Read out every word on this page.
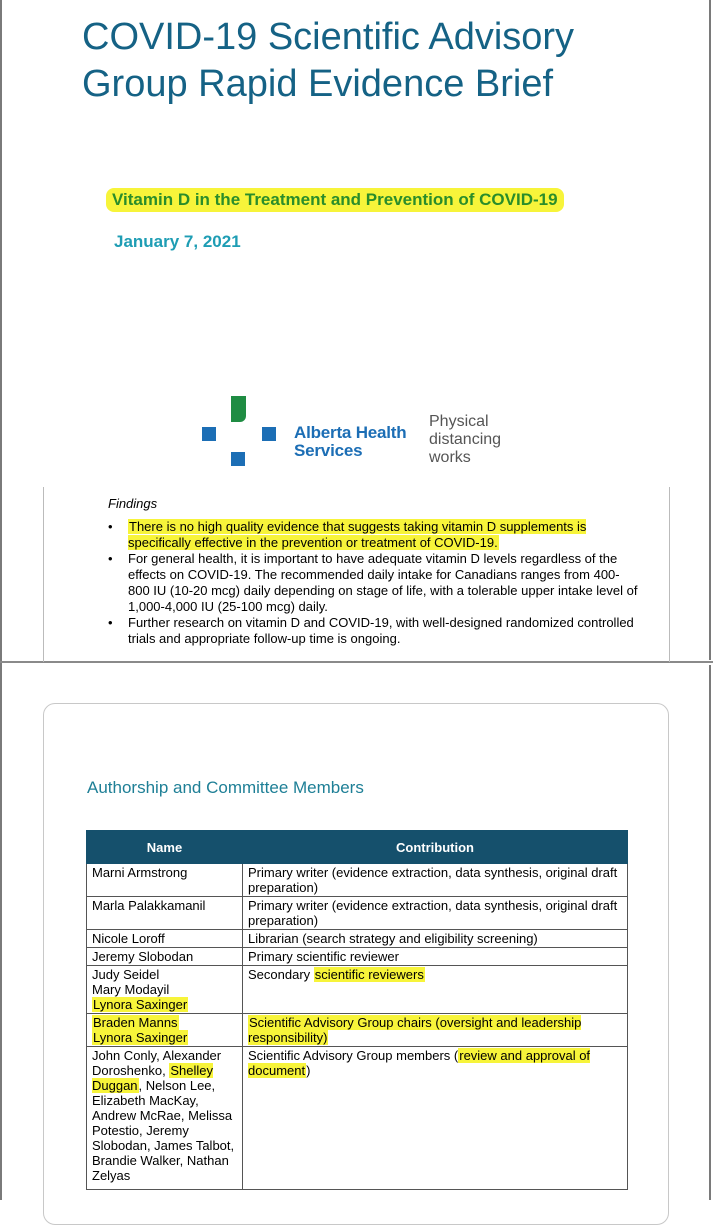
COVID-19 Scientific Advisory Group Rapid Evidence Brief
Vitamin D in the Treatment and Prevention of COVID-19
January 7, 2021
Alberta Health
Services
Physical
distancing
works
Findings
• There is no high quality evidence that suggests taking vitamin D supplements is specifically effective in the prevention or treatment of COVID-19.
• For general health, it is important to have adequate vitamin D levels regardless of the effects on COVID-19. The recommended daily intake for Canadians ranges from 400-800 IU (10-20 mcg) daily depending on stage of life, with a tolerable upper intake level of 1,000-4,000 IU (25-100 mcg) daily.
• Further research on vitamin D and COVID-19, with well-designed randomized controlled trials and appropriate follow-up time is ongoing.
Authorship and Committee Members
Name	Contribution
Marni Armstrong	Primary writer (evidence extraction, data synthesis, original draft preparation)
Marla Palakkamanil	Primary writer (evidence extraction, data synthesis, original draft preparation)
Nicole Loroff	Librarian (search strategy and eligibility screening)
Jeremy Slobodan	Primary scientific reviewer

Judy Seidel
Mary Modayil
Lynora Saxinger	Secondary scientific reviewers

Braden Manns
Lynora Saxinger	Scientific Advisory Group chairs (oversight and leadership responsibility)
John Conly, Alexander Doroshenko, Shelley Duggan, Nelson Lee, Elizabeth MacKay, Andrew McRae, Melissa Potestio, Jeremy Slobodan, James Talbot, Brandie Walker, Nathan Zelyas	Scientific Advisory Group members (review and approval of document)
